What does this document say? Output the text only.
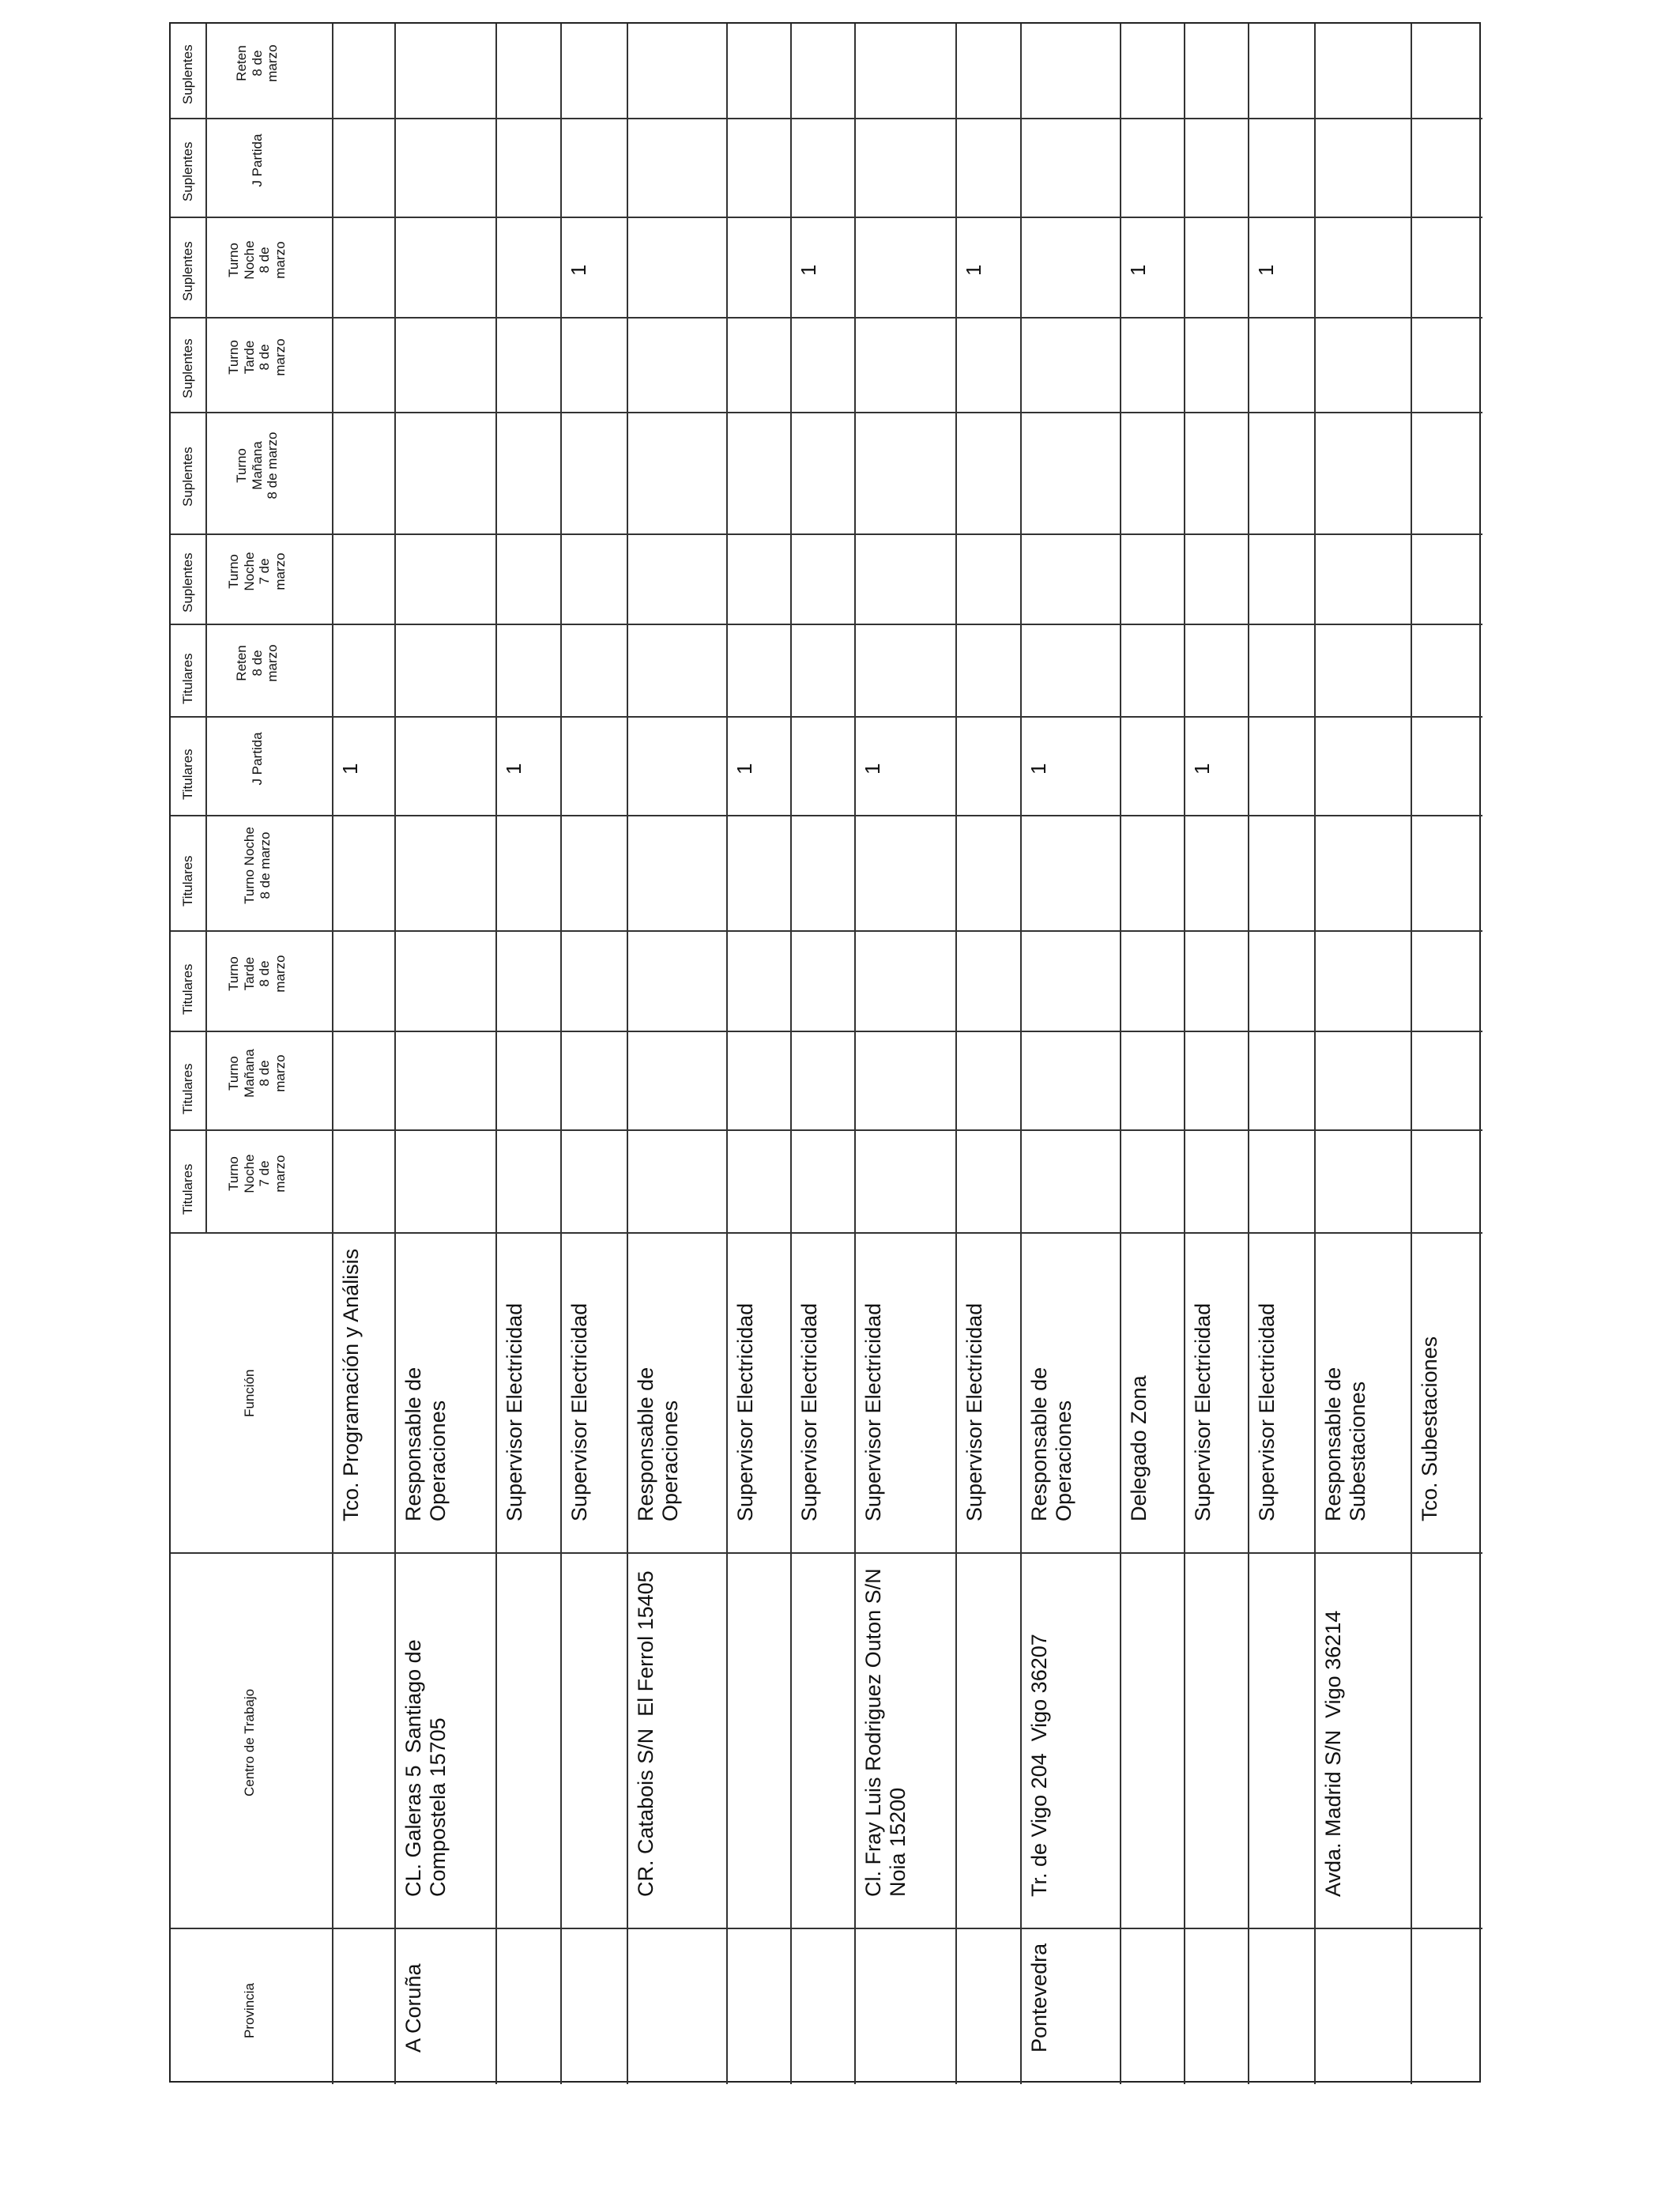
Titulares
Titulares
Titulares
Titulares
Titulares
Titulares
Suplentes
Suplentes
Suplentes
Suplentes
Suplentes
Suplentes
Turno
Noche
7 de
marzo
Turno
Mañana
8 de
marzo
Turno
Tarde
8 de
marzo
Turno Noche
8 de marzo
J Partida
Reten
8 de
marzo
Turno
Noche
7 de
marzo
Turno
Mañana
8 de marzo
Turno
Tarde
8 de
marzo
Turno
Noche
8 de
marzo
J Partida
Reten
8 de
marzo
Función
Centro de Trabajo
Provincia
Tco. Programación y Análisis
1
A Coruña
CL. Galeras 5  Santiago de
Compostela 15705
Responsable de
Operaciones Supervisor Electricidad
1
Supervisor Electricidad
1
CR. Catabois S/N  El Ferrol 15405
Responsable de
Operaciones Supervisor Electricidad
1
Supervisor Electricidad
1
Cl. Fray Luis Rodriguez Outon S/N
Noia 15200
Supervisor Electricidad
1
Supervisor Electricidad
1
Pontevedra
Tr. de Vigo 204  Vigo 36207
Responsable de
Operaciones
1
Delegado Zona
1
Supervisor Electricidad
1
Supervisor Electricidad
1
Avda. Madrid S/N  Vigo 36214
Responsable de
Subestaciones Tco. Subestaciones
